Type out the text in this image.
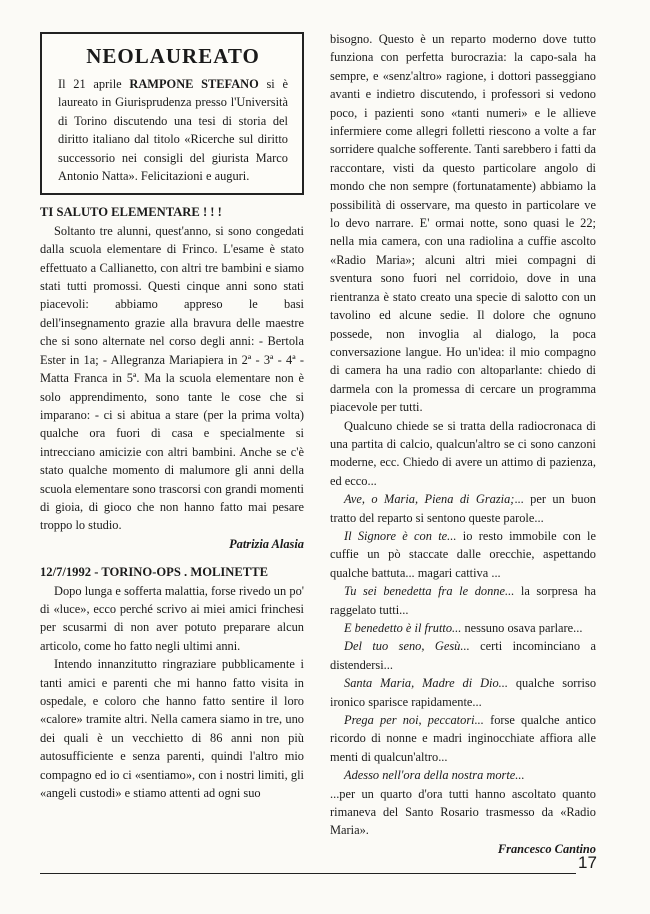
NEOLAUREATO

Il 21 aprile RAMPONE STEFANO si è laureato in Giurisprudenza presso l'Università di Torino discutendo una tesi di storia del diritto italiano dal titolo «Ricerche sul diritto successorio nei consigli del giurista Marco Antonio Natta». Felicitazioni e auguri.

TI SALUTO ELEMENTARE ! ! !

Soltanto tre alunni, quest'anno, si sono congedati dalla scuola elementare di Frinco. L'esame è stato effettuato a Callianetto, con altri tre bambini e siamo stati tutti promossi. Questi cinque anni sono stati piacevoli: abbiamo appreso le basi dell'insegnamento grazie alla bravura delle maestre che si sono alternate nel corso degli anni: - Bertola Ester in 1a; - Allegranza Mariapiera in 2ª - 3ª - 4ª - Matta Franca in 5ª. Ma la scuola elementare non è solo apprendimento, sono tante le cose che si imparano: - ci si abitua a stare (per la prima volta) qualche ora fuori di casa e specialmente si intrecciano amicizie con altri bambini. Anche se c'è stato qualche momento di malumore gli anni della scuola elementare sono trascorsi con grandi momenti di gioia, di gioco che non hanno fatto mai pesare troppo lo studio.

Patrizia Alasia
12/7/1992 - TORINO-OPS . MOLINETTE

Dopo lunga e sofferta malattia, forse rivedo un po' di «luce», ecco perché scrivo ai miei amici frinchesi per scusarmi di non aver potuto preparare alcun articolo, come ho fatto negli ultimi anni.

Intendo innanzitutto ringraziare pubblicamente i tanti amici e parenti che mi hanno fatto visita in ospedale, e coloro che hanno fatto sentire il loro «calore» tramite altri. Nella camera siamo in tre, uno dei quali è un vecchietto di 86 anni non più autosufficiente e senza parenti, quindi l'altro mio compagno ed io ci «sentiamo», con i nostri limiti, gli «angeli custodi» e stiamo attenti ad ogni suo

bisogno. Questo è un reparto moderno dove tutto funziona con perfetta burocrazia: la capo-sala ha sempre, e «senz'altro» ragione, i dottori passeggiano avanti e indietro discutendo, i professori si vedono poco, i pazienti sono «tanti numeri» e le allieve infermiere come allegri folletti riescono a volte a far sorridere qualche sofferente. Tanti sarebbero i fatti da raccontare, visti da questo particolare angolo di mondo che non sempre (fortunatamente) abbiamo la possibilità di osservare, ma questo in particolare ve lo devo narrare. E' ormai notte, sono quasi le 22; nella mia camera, con una radiolina a cuffie ascolto «Radio Maria»; alcuni altri miei compagni di sventura sono fuori nel corridoio, dove in una rientranza è stato creato una specie di salotto con un tavolino ed alcune sedie. Il dolore che ognuno possede, non invoglia al dialogo, la poca conversazione langue. Ho un'idea: il mio compagno di camera ha una radio con altoparlante: chiedo di darmela con la promessa di cercare un programma piacevole per tutti.

Qualcuno chiede se si tratta della radiocronaca di una partita di calcio, qualcun'altro se ci sono canzoni moderne, ecc. Chiedo di avere un attimo di pazienza, ed ecco...

Ave, o Maria, Piena di Grazia;... per un buon tratto del reparto si sentono queste parole...

Il Signore è con te... io resto immobile con le cuffie un pò staccate dalle orecchie, aspettando qualche battuta... magari cattiva ...

Tu sei benedetta fra le donne... la sorpresa ha raggelato tutti...

E benedetto è il frutto... nessuno osava parlare...

Del tuo seno, Gesù... certi incominciano a distendersi...

Santa Maria, Madre di Dio... qualche sorriso ironico sparisce rapidamente...

Prega per noi, peccatori... forse qualche antico ricordo di nonne e madri inginocchiate affiora alle menti di qualcun'altro...

Adesso nell'ora della nostra morte...

...per un quarto d'ora tutti hanno ascoltato quanto rimaneva del Santo Rosario trasmesso da «Radio Maria».

Francesco Cantino
17
